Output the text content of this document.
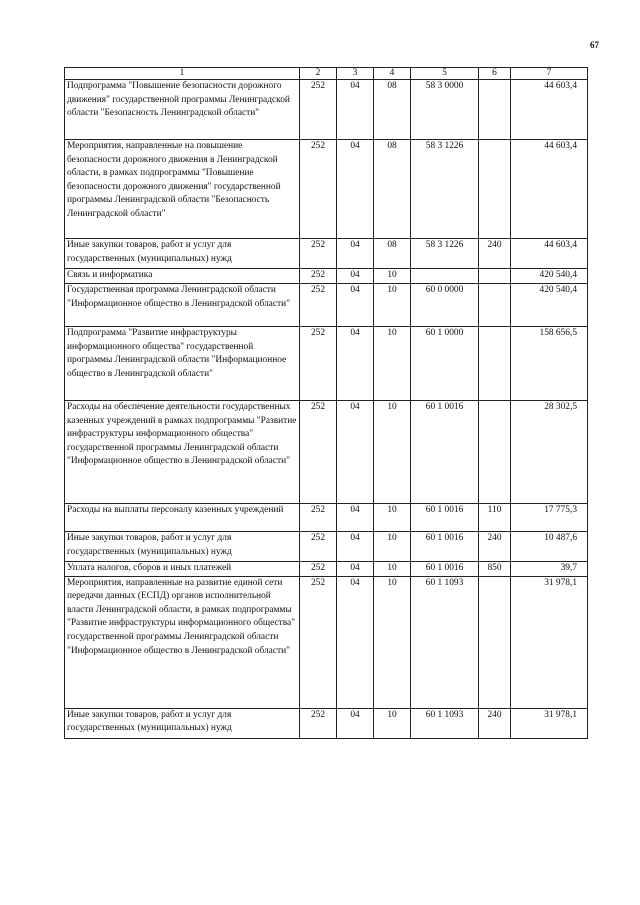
67
1	2	3	4	5	6	7
Подпрограмма "Повышение безопасности дорожного движения" государственной программы Ленинградской области "Безопасность Ленинградской области"	252	04	08	58 3 0000		44 603,4
Мероприятия, направленные на повышение безопасности дорожного движения в Ленинградской области, в рамках подпрограммы "Повышение безопасности дорожного движения" государственной программы Ленинградской области "Безопасность Ленинградской области"	252	04	08	58 3 1226		44 603,4
Иные закупки товаров, работ и услуг для государственных (муниципальных) нужд	252	04	08	58 3 1226	240	44 603,4
Связь и информатика	252	04	10			420 540,4
Государственная программа Ленинградской области "Информационное общество в Ленинградской области"	252	04	10	60 0 0000		420 540,4
Подпрограмма "Развитие инфраструктуры информационного общества" государственной программы Ленинградской области "Информационное общество в Ленинградской области"	252	04	10	60 1 0000		158 656,5
Расходы на обеспечение деятельности государственных казенных учреждений в рамках подпрограммы "Развитие инфраструктуры информационного общества" государственной программы Ленинградской области "Информационное общество в Ленинградской области"	252	04	10	60 1 0016		28 302,5
Расходы на выплаты персоналу казенных учреждений	252	04	10	60 1 0016	110	17 775,3
Иные закупки товаров, работ и услуг для государственных (муниципальных) нужд	252	04	10	60 1 0016	240	10 487,6
Уплата налогов, сборов и иных платежей	252	04	10	60 1 0016	850	39,7
Мероприятия, направленные на развитие единой сети передачи данных (ЕСПД) органов исполнительной власти Ленинградской области, в рамках подпрограммы "Развитие инфраструктуры информационного общества" государственной программы Ленинградской области "Информационное общество в Ленинградской области"	252	04	10	60 1 1093		31 978,1
Иные закупки товаров, работ и услуг для государственных (муниципальных) нужд	252	04	10	60 1 1093	240	31 978,1
